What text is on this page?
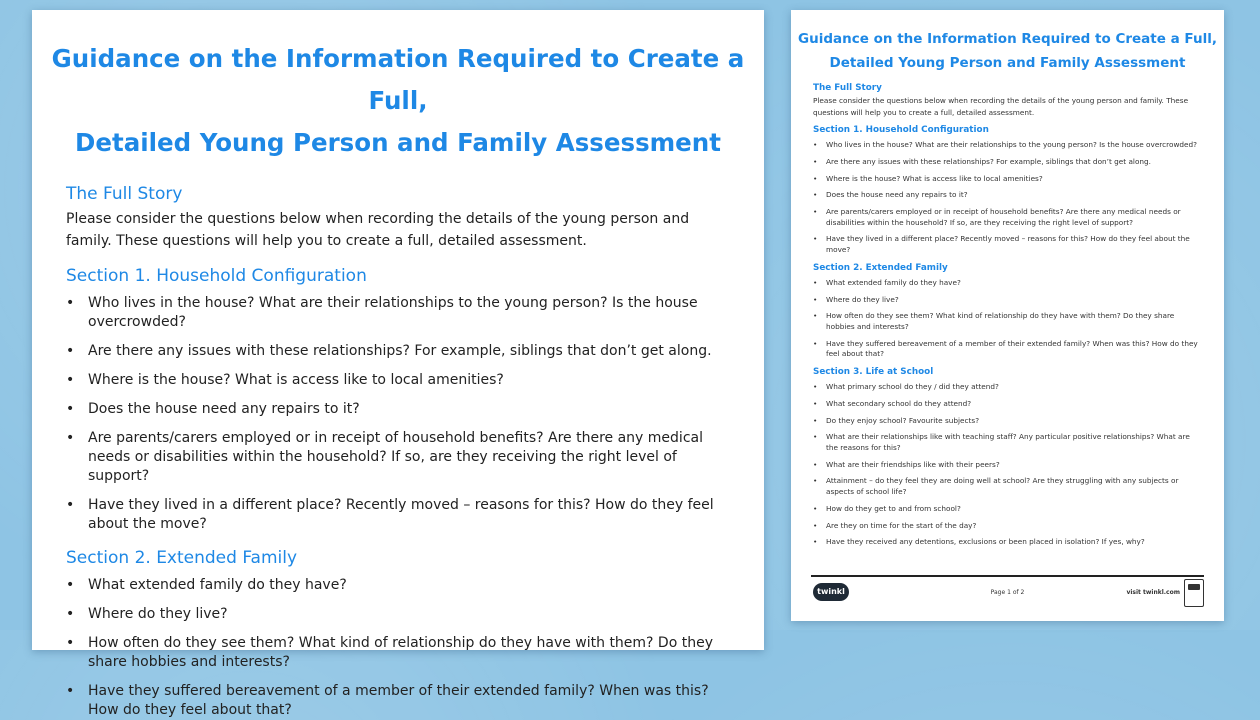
Guidance on the Information Required to Create a Full,
Detailed Young Person and Family Assessment
The Full Story

Please consider the questions below when recording the details of the young person and family. These questions will help you to create a full, detailed assessment.

Section 1. Household Configuration
• Who lives in the house? What are their relationships to the young person? Is the house overcrowded?
• Are there any issues with these relationships? For example, siblings that don’t get along.
• Where is the house? What is access like to local amenities?
• Does the house need any repairs to it?
• Are parents/carers employed or in receipt of household benefits? Are there any medical needs or disabilities within the household? If so, are they receiving the right level of support?
• Have they lived in a different place? Recently moved – reasons for this? How do they feel about the move?
Section 2. Extended Family
• What extended family do they have?
• Where do they live?
• How often do they see them? What kind of relationship do they have with them? Do they share hobbies and interests?
• Have they suffered bereavement of a member of their extended family? When was this? How do they feel about that?
Guidance on the Information Required to Create a Full,
Detailed Young Person and Family Assessment
The Full Story

Please consider the questions below when recording the details of the young person and family. These questions will help you to create a full, detailed assessment.

Section 1. Household Configuration
• Who lives in the house? What are their relationships to the young person? Is the house overcrowded?
• Are there any issues with these relationships? For example, siblings that don’t get along.
• Where is the house? What is access like to local amenities?
• Does the house need any repairs to it?
• Are parents/carers employed or in receipt of household benefits? Are there any medical needs or disabilities within the household? If so, are they receiving the right level of support?
• Have they lived in a different place? Recently moved – reasons for this? How do they feel about the move?
Section 2. Extended Family
• What extended family do they have?
• Where do they live?
• How often do they see them? What kind of relationship do they have with them? Do they share hobbies and interests?
• Have they suffered bereavement of a member of their extended family? When was this? How do they feel about that?
Section 3. Life at School
• What primary school do they / did they attend?
• What secondary school do they attend?
• Do they enjoy school? Favourite subjects?
• What are their relationships like with teaching staff? Any particular positive relationships? What are the reasons for this?
• What are their friendships like with their peers?
• Attainment – do they feel they are doing well at school? Are they struggling with any subjects or aspects of school life?
• How do they get to and from school?
• Are they on time for the start of the day?
• Have they received any detentions, exclusions or been placed in isolation? If yes, why?
twinkl	Page 1 of 2	visit twinkl.com
